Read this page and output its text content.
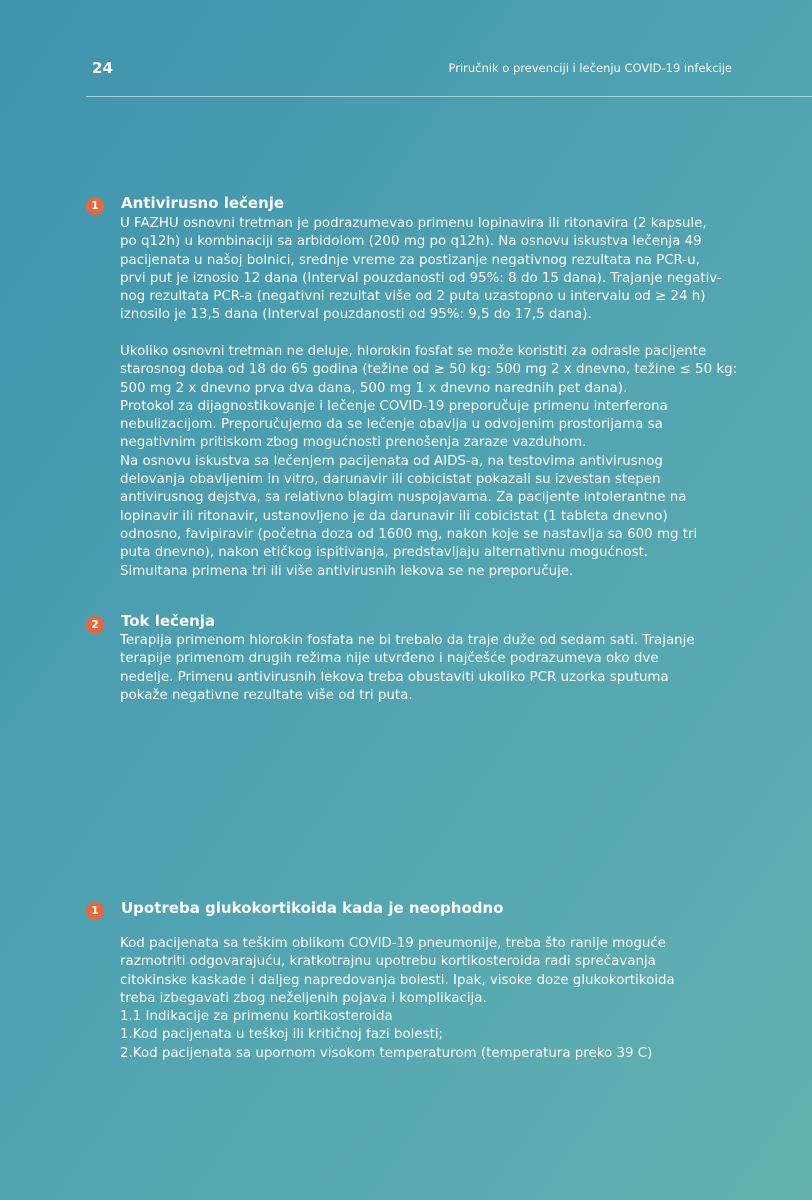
24	Priručnik o prevenciji i lečenju COVID-19 infekcije
1	Antivirusno lečenje

U FAZHU osnovni tretman je podrazumevao primenu lopinavira ili ritonavira (2 kapsule,
po q12h) u kombinaciji sa arbidolom (200 mg po q12h). Na osnovu iskustva lečenja 49
pacijenata u našoj bolnici, srednje vreme za postizanje negativnog rezultata na PCR-u,
prvi put je iznosio 12 dana (Interval pouzdanosti od 95%: 8 do 15 dana). Trajanje negativ-
nog rezultata PCR-a (negativni rezultat više od 2 puta uzastopno u intervalu od ≥ 24 h)
iznosilo je 13,5 dana (Interval pouzdanosti od 95%: 9,5 do 17,5 dana).

Ukoliko osnovni tretman ne deluje, hlorokin fosfat se može koristiti za odrasle pacijente
starosnog doba od 18 do 65 godina (težine od ≥ 50 kg: 500 mg 2 x dnevno, težine ≤ 50 kg:
500 mg 2 x dnevno prva dva dana, 500 mg 1 x dnevno narednih pet dana).
Protokol za dijagnostikovanje i lečenje COVID-19 preporučuje primenu interferona
nebulizacijom. Preporučujemo da se lečenje obavlja u odvojenim prostorijama sa
negativnim pritiskom zbog mogućnosti prenošenja zaraze vazduhom.
Na osnovu iskustva sa lečenjem pacijenata od AIDS-a, na testovima antivirusnog
delovanja obavljenim in vitro, darunavir ili cobicistat pokazali su izvestan stepen
antivirusnog dejstva, sa relativno blagim nuspojavama. Za pacijente intolerantne na
lopinavir ili ritonavir, ustanovljeno je da darunavir ili cobicistat (1 tableta dnevno)
odnosno, favipiravir (početna doza od 1600 mg, nakon koje se nastavlja sa 600 mg tri
puta dnevno), nakon etičkog ispitivanja, predstavljaju alternativnu mogućnost.
Simultana primena tri ili više antivirusnih lekova se ne preporučuje.

2	Tok lečenja

Terapija primenom hlorokin fosfata ne bi trebalo da traje duže od sedam sati. Trajanje
terapije primenom drugih režima nije utvrđeno i najčešće podrazumeva oko dve
nedelje. Primenu antivirusnih lekova treba obustaviti ukoliko PCR uzorka sputuma
pokaže negativne rezultate više od tri puta.

1	Upotreba glukokortikoida kada je neophodno

Kod pacijenata sa teškim oblikom COVID-19 pneumonije, treba što ranije moguće
razmotriti odgovarajuću, kratkotrajnu upotrebu kortikosteroida radi sprečavanja
citokinske kaskade i daljeg napredovanja bolesti. Ipak, visoke doze glukokortikoida
treba izbegavati zbog neželjenih pojava i komplikacija.
1.1 Indikacije za primenu kortikosteroida
1.Kod pacijenata u teškoj ili kritičnoj fazi bolesti;
2.Kod pacijenata sa upornom visokom temperaturom (temperatura preko 39 C)
